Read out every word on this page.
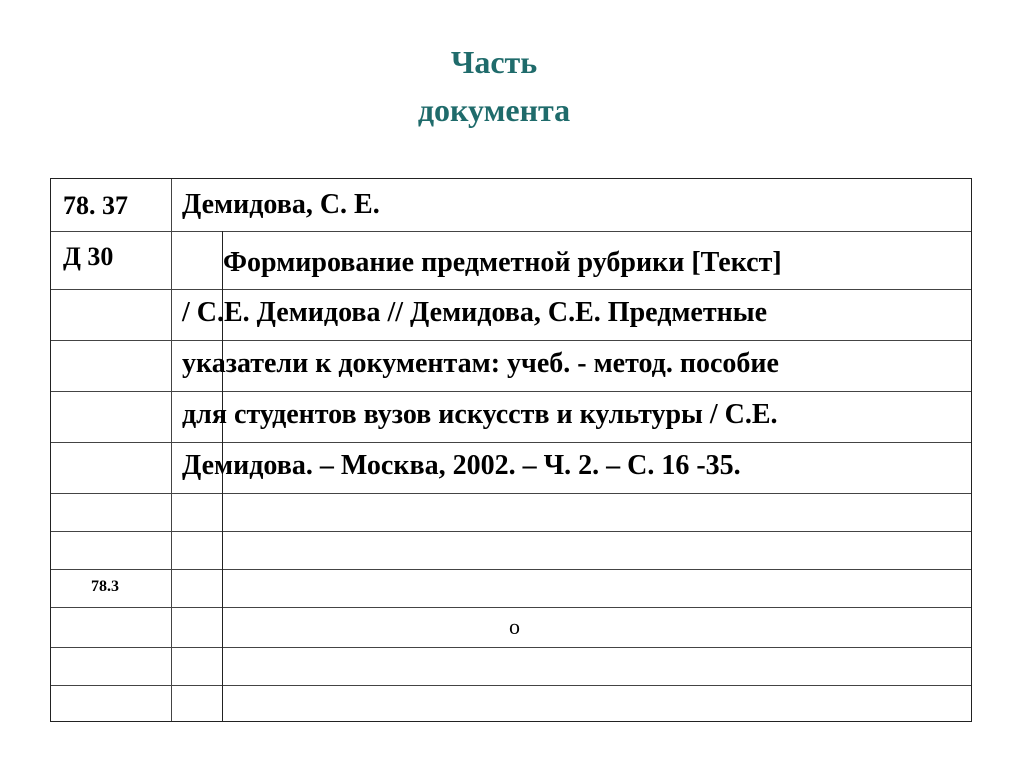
Часть
документа
78. 37
Д 30
78.3
Демидова, С. Е.
Формирование предметной рубрики [Текст]
/ С.Е. Демидова // Демидова, С.Е. Предметные
указатели к документам: учеб. - метод. пособие
для студентов вузов искусств и культуры / С.Е.
Демидова. – Москва, 2002. – Ч. 2. – С. 16 -35.
о
